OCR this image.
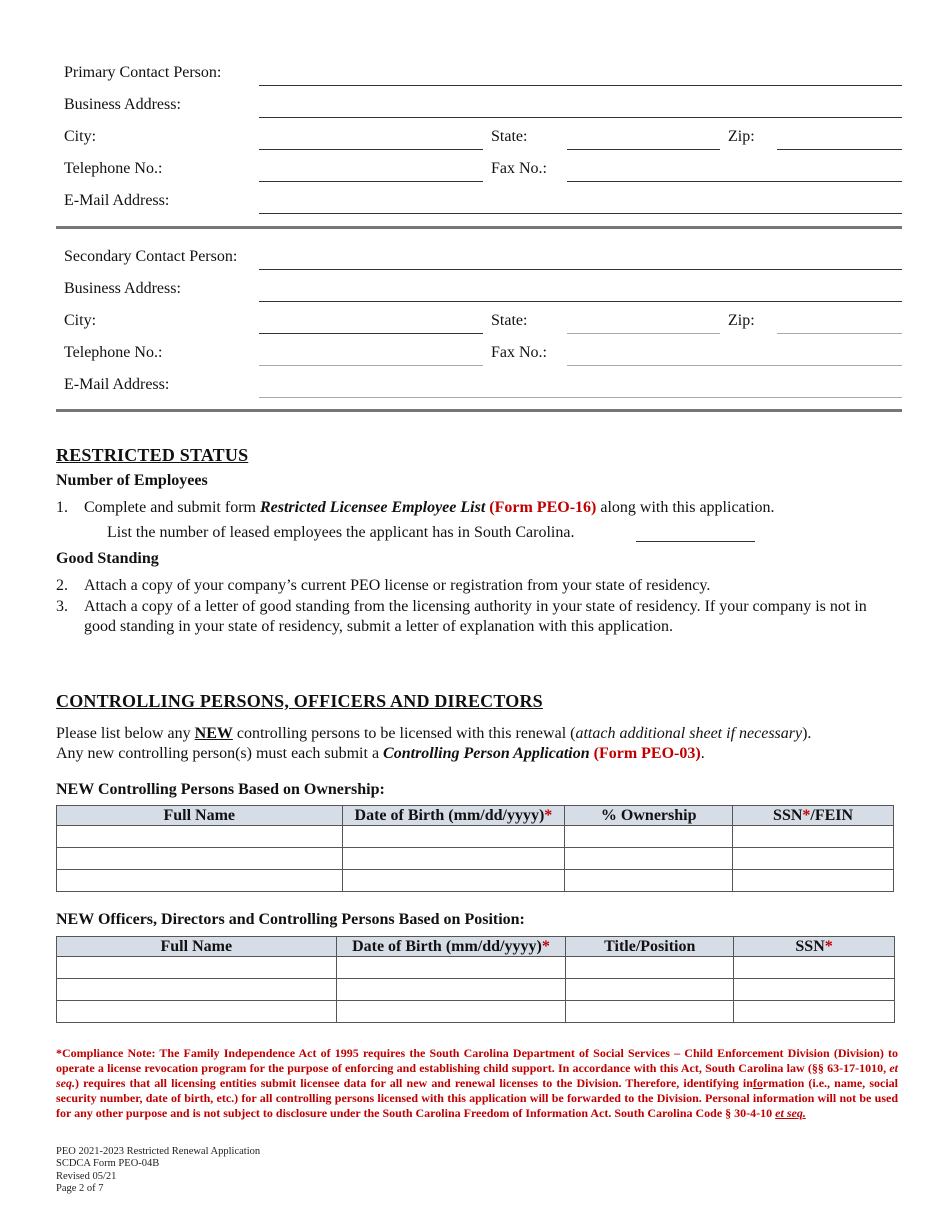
Primary Contact Person:
Business Address:
City:	State:	Zip:
Telephone No.:	Fax No.:
E-Mail Address:
Secondary Contact Person:
Business Address:
City:	State:	Zip:
Telephone No.:	Fax No.:
E-Mail Address:
RESTRICTED STATUS
Number of Employees
1. Complete and submit form Restricted Licensee Employee List (Form PEO-16) along with this application.
List the number of leased employees the applicant has in South Carolina.
Good Standing
2. Attach a copy of your company’s current PEO license or registration from your state of residency.
3. Attach a copy of a letter of good standing from the licensing authority in your state of residency. If your company is not in good standing in your state of residency, submit a letter of explanation with this application.
CONTROLLING PERSONS, OFFICERS AND DIRECTORS
Please list below any NEW controlling persons to be licensed with this renewal (attach additional sheet if necessary).
Any new controlling person(s) must each submit a Controlling Person Application (Form PEO-03).
NEW Controlling Persons Based on Ownership:
Full Name	Date of Birth (mm/dd/yyyy)*	% Ownership	SSN*/FEIN

NEW Officers, Directors and Controlling Persons Based on Position:
Full Name	Date of Birth (mm/dd/yyyy)*	Title/Position	SSN*

*Compliance Note: The Family Independence Act of 1995 requires the South Carolina Department of Social Services – Child Enforcement Division (Division) to operate a license revocation program for the purpose of enforcing and establishing child support. In accordance with this Act, South Carolina law (§§ 63-17-1010, et seq.) requires that all licensing entities submit licensee data for all new and renewal licenses to the Division. Therefore, identifying information (i.e., name, social security number, date of birth, etc.) for all controlling persons licensed with this application will be forwarded to the Division. Personal information will not be used for any other purpose and is not subject to disclosure under the South Carolina Freedom of Information Act. South Carolina Code § 30-4-10 et seq.
PEO 2021-2023 Restricted Renewal Application
SCDCA Form PEO-04B
Revised 05/21
Page 2 of 7
